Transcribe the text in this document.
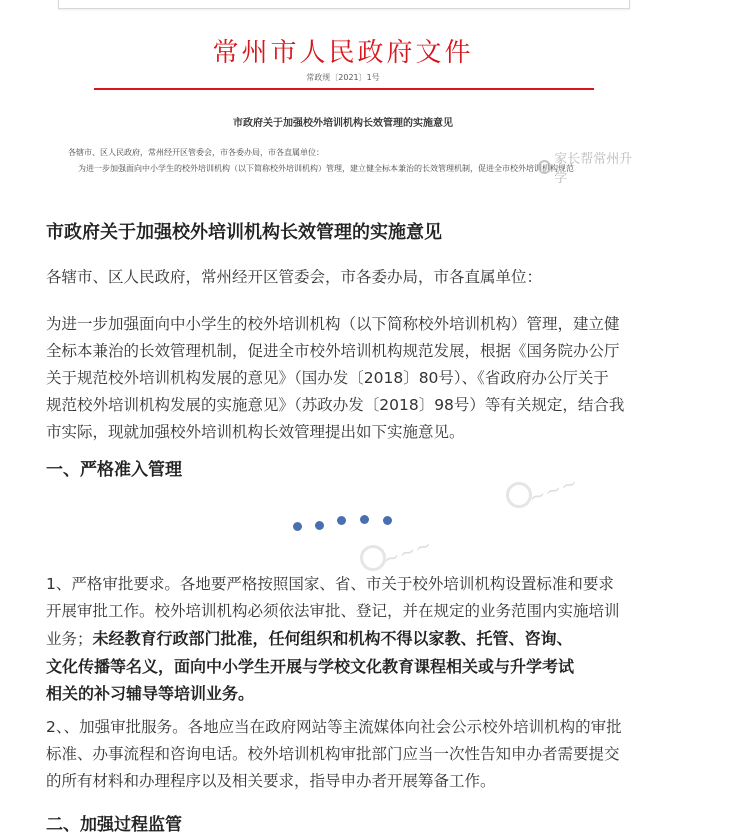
常州市人民政府文件
常政规〔2021〕1号
市政府关于加强校外培训机构长效管理的实施意见
各辖市、区人民政府，常州经开区管委会，市各委办局，市各直属单位：
为进一步加强面向中小学生的校外培训机构（以下简称校外培训机构）管理，建立健全标本兼治的长效管理机制，促进全市校外培训机构规范
家长帮常州升学
市政府关于加强校外培训机构长效管理的实施意见
各辖市、区人民政府，常州经开区管委会，市各委办局，市各直属单位：
为进一步加强面向中小学生的校外培训机构（以下简称校外培训机构）管理，建立健
全标本兼治的长效管理机制，促进全市校外培训机构规范发展，根据《国务院办公厅
关于规范校外培训机构发展的意见》（国办发〔2018〕80号）、《省政府办公厅关于
规范校外培训机构发展的实施意见》（苏政办发〔2018〕98号）等有关规定，结合我
市实际，现就加强校外培训机构长效管理提出如下实施意见。
一、严格准入管理
1、严格审批要求。各地要严格按照国家、省、市关于校外培训机构设置标准和要求
开展审批工作。校外培训机构必须依法审批、登记，并在规定的业务范围内实施培训
业务；未经教育行政部门批准，任何组织和机构不得以家教、托管、咨询、
文化传播等名义，面向中小学生开展与学校文化教育课程相关或与升学考试
相关的补习辅导等培训业务。
2、、加强审批服务。各地应当在政府网站等主流媒体向社会公示校外培训机构的审批
标准、办事流程和咨询电话。校外培训机构审批部门应当一次性告知申办者需要提交
的所有材料和办理程序以及相关要求，指导申办者开展筹备工作。
二、加强过程监管
~~~
~~~
